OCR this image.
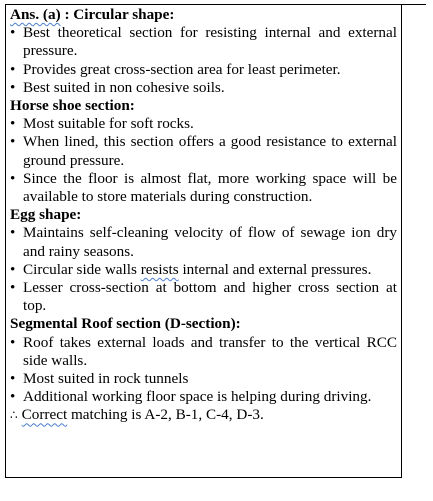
Ans. (a) : Circular shape:
• Best theoretical section for resisting internal and external pressure.
• Provides great cross-section area for least perimeter.
• Best suited in non cohesive soils.
Horse shoe section:
• Most suitable for soft rocks.
• When lined, this section offers a good resistance to external ground pressure.
• Since the floor is almost flat, more working space will be available to store materials during construction.
Egg shape:
• Maintains self-cleaning velocity of flow of sewage ion dry and rainy seasons.
• Circular side walls resists internal and external pressures.
• Lesser cross-section at bottom and higher cross section at top.
Segmental Roof section (D-section):
• Roof takes external loads and transfer to the vertical RCC side walls.
• Most suited in rock tunnels
• Additional working floor space is helping during driving.
∴ Correct matching is A-2, B-1, C-4, D-3.
